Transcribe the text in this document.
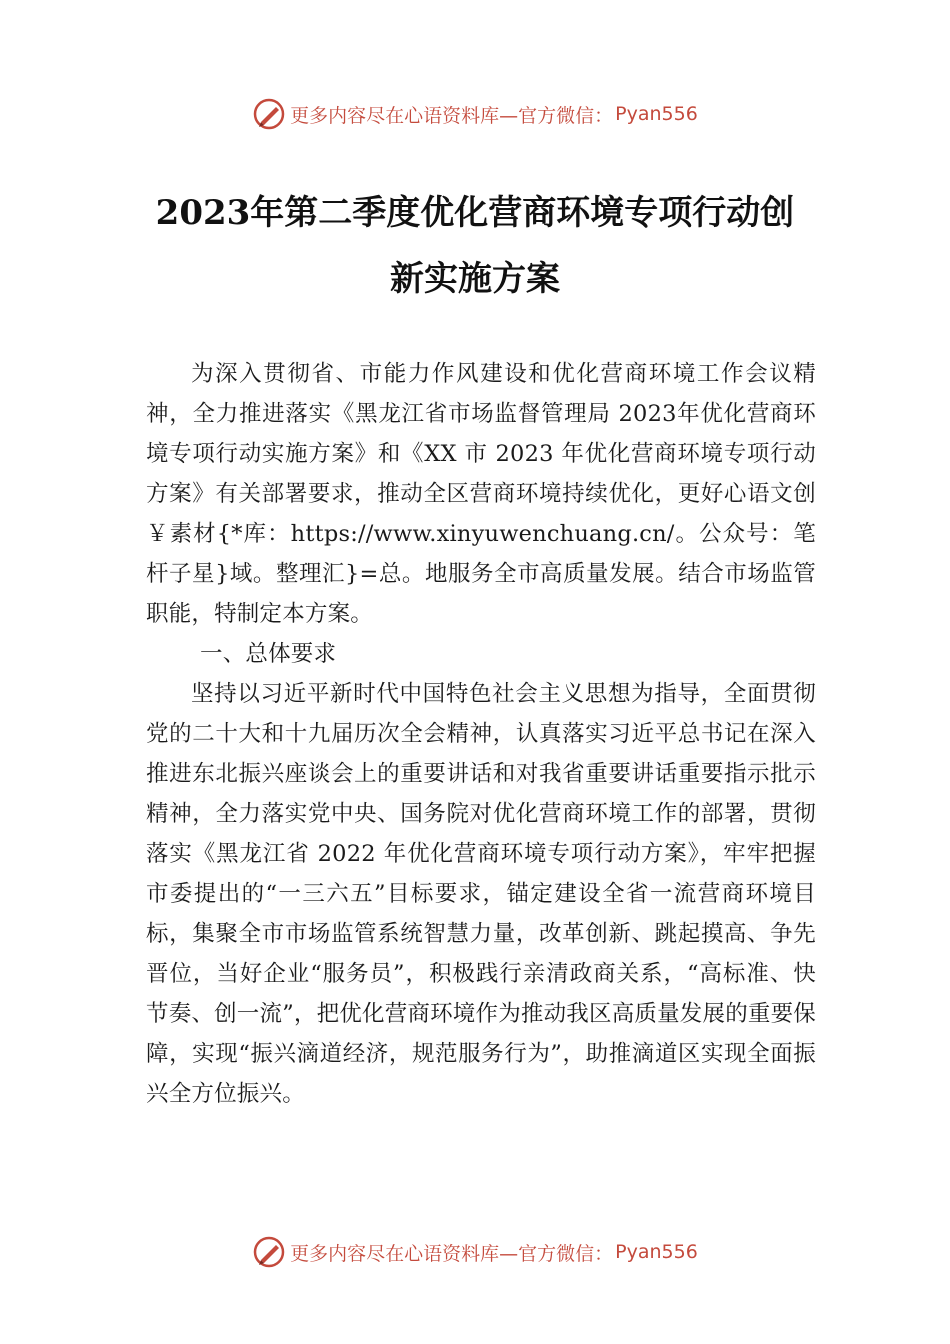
更多内容尽在心语资料库—官方微信： Pyan556
2023年第二季度优化营商环境专项行动创
新实施方案

为深入贯彻省、市能力作风建设和优化营商环境工作会议精神，全力推进落实《黑龙江省市场监督管理局 2023年优化营商环境专项行动实施方案》和《XX 市 2023 年优化营商环境专项行动方案》有关部署要求，推动全区营商环境持续优化，更好心语文创￥素材{*库：https://www.xinyuwenchuang.cn/。公众号：笔杆子星}域。整理汇}=总。地服务全市高质量发展。结合市场监管职能，特制定本方案。

一、总体要求

坚持以习近平新时代中国特色社会主义思想为指导，全面贯彻党的二十大和十九届历次全会精神，认真落实习近平总书记在深入推进东北振兴座谈会上的重要讲话和对我省重要讲话重要指示批示精神，全力落实党中央、国务院对优化营商环境工作的部署，贯彻落实《黑龙江省 2022 年优化营商环境专项行动方案》，牢牢把握市委提出的“一三六五”目标要求，锚定建设全省一流营商环境目标，集聚全市市场监管系统智慧力量，改革创新、跳起摸高、争先晋位，当好企业“服务员”，积极践行亲清政商关系，“高标准、快节奏、创一流”，把优化营商环境作为推动我区高质量发展的重要保障，实现“振兴滴道经济，规范服务行为”，助推滴道区实现全面振兴全方位振兴。

更多内容尽在心语资料库—官方微信： Pyan556
